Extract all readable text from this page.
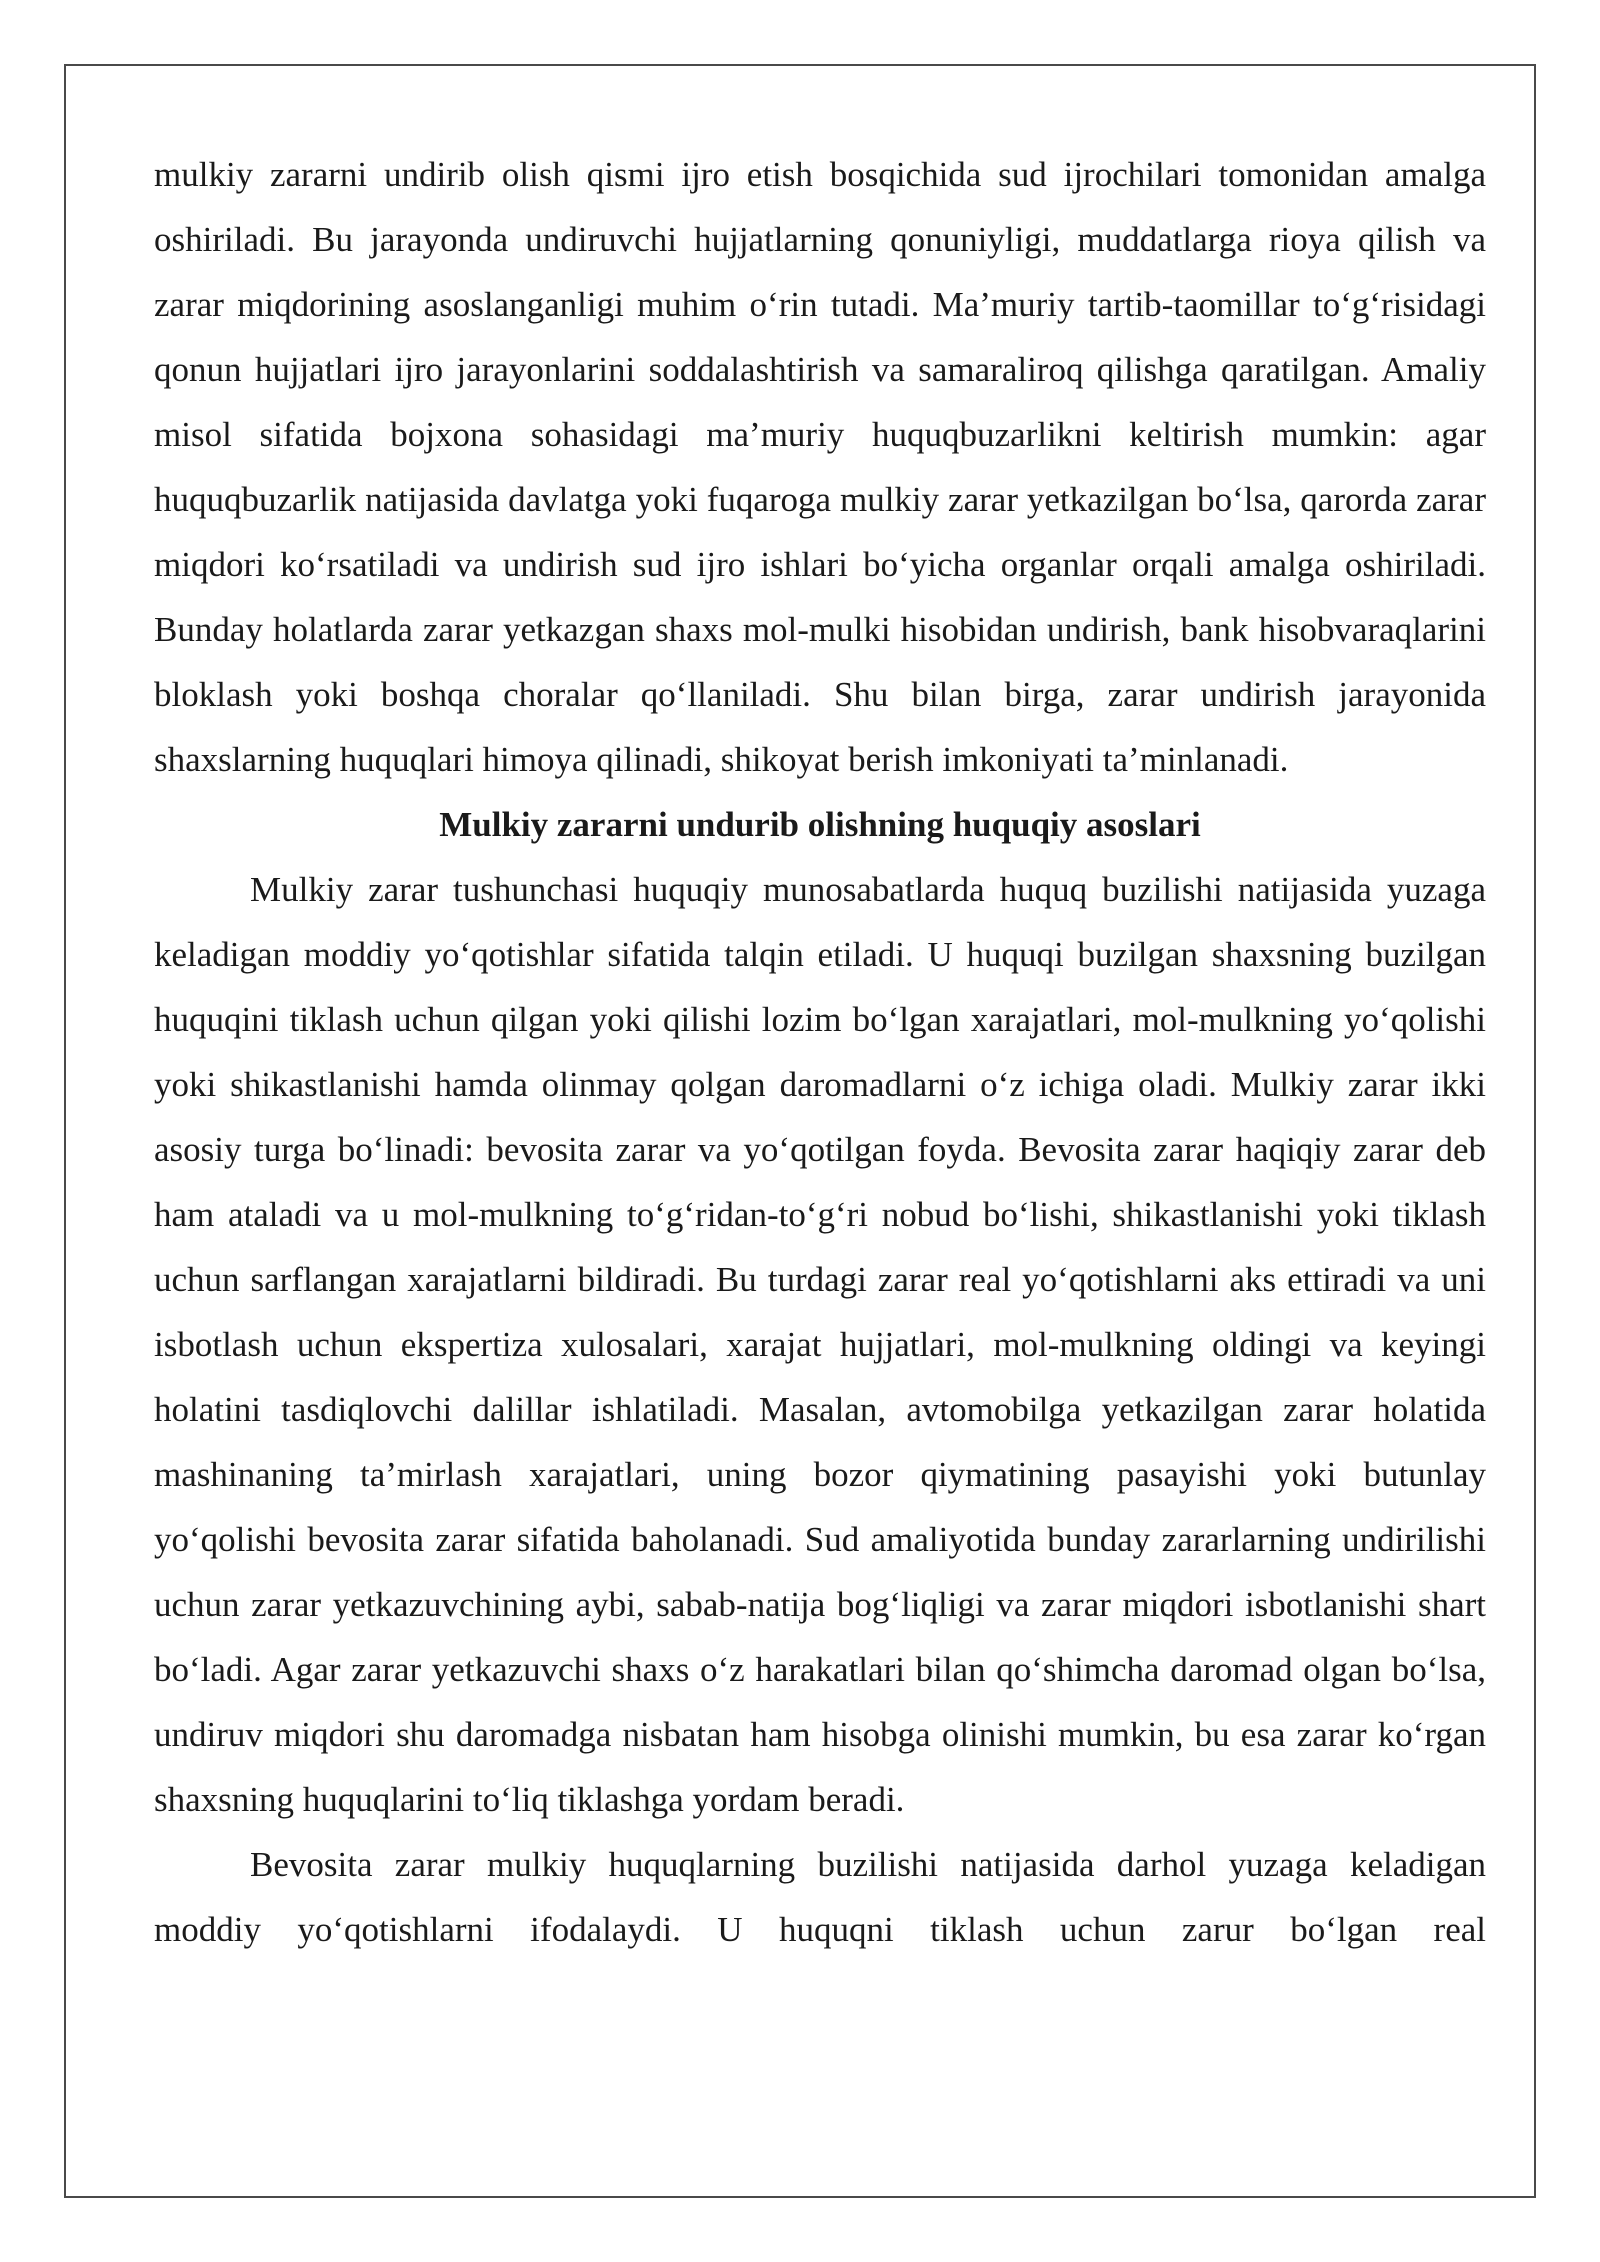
mulkiy zararni undirib olish qismi ijro etish bosqichida sud ijrochilari tomonidan amalga oshiriladi. Bu jarayonda undiruvchi hujjatlarning qonuniyligi, muddatlarga rioya qilish va zarar miqdorining asoslanganligi muhim o‘rin tutadi. Ma’muriy tartib-taomillar to‘g‘risidagi qonun hujjatlari ijro jarayonlarini soddalashtirish va samaraliroq qilishga qaratilgan. Amaliy misol sifatida bojxona sohasidagi ma’muriy huquqbuzarlikni keltirish mumkin: agar huquqbuzarlik natijasida davlatga yoki fuqaroga mulkiy zarar yetkazilgan bo‘lsa, qarorda zarar miqdori ko‘rsatiladi va undirish sud ijro ishlari bo‘yicha organlar orqali amalga oshiriladi. Bunday holatlarda zarar yetkazgan shaxs mol-mulki hisobidan undirish, bank hisobvaraqlarini bloklash yoki boshqa choralar qo‘llaniladi. Shu bilan birga, zarar undirish jarayonida shaxslarning huquqlari himoya qilinadi, shikoyat berish imkoniyati ta’minlanadi.

Mulkiy zararni undurib olishning huquqiy asoslari

Mulkiy zarar tushunchasi huquqiy munosabatlarda huquq buzilishi natijasida yuzaga keladigan moddiy yo‘qotishlar sifatida talqin etiladi. U huquqi buzilgan shaxsning buzilgan huquqini tiklash uchun qilgan yoki qilishi lozim bo‘lgan xarajatlari, mol-mulkning yo‘qolishi yoki shikastlanishi hamda olinmay qolgan daromadlarni o‘z ichiga oladi. Mulkiy zarar ikki asosiy turga bo‘linadi: bevosita zarar va yo‘qotilgan foyda. Bevosita zarar haqiqiy zarar deb ham ataladi va u mol-mulkning to‘g‘ridan-to‘g‘ri nobud bo‘lishi, shikastlanishi yoki tiklash uchun sarflangan xarajatlarni bildiradi. Bu turdagi zarar real yo‘qotishlarni aks ettiradi va uni isbotlash uchun ekspertiza xulosalari, xarajat hujjatlari, mol-mulkning oldingi va keyingi holatini tasdiqlovchi dalillar ishlatiladi. Masalan, avtomobilga yetkazilgan zarar holatida mashinaning ta’mirlash xarajatlari, uning bozor qiymatining pasayishi yoki butunlay yo‘qolishi bevosita zarar sifatida baholanadi. Sud amaliyotida bunday zararlarning undirilishi uchun zarar yetkazuvchining aybi, sabab-natija bog‘liqligi va zarar miqdori isbotlanishi shart bo‘ladi. Agar zarar yetkazuvchi shaxs o‘z harakatlari bilan qo‘shimcha daromad olgan bo‘lsa, undiruv miqdori shu daromadga nisbatan ham hisobga olinishi mumkin, bu esa zarar ko‘rgan shaxsning huquqlarini to‘liq tiklashga yordam beradi.

Bevosita zarar mulkiy huquqlarning buzilishi natijasida darhol yuzaga keladigan moddiy yo‘qotishlarni ifodalaydi. U huquqni tiklash uchun zarur bo‘lgan real
